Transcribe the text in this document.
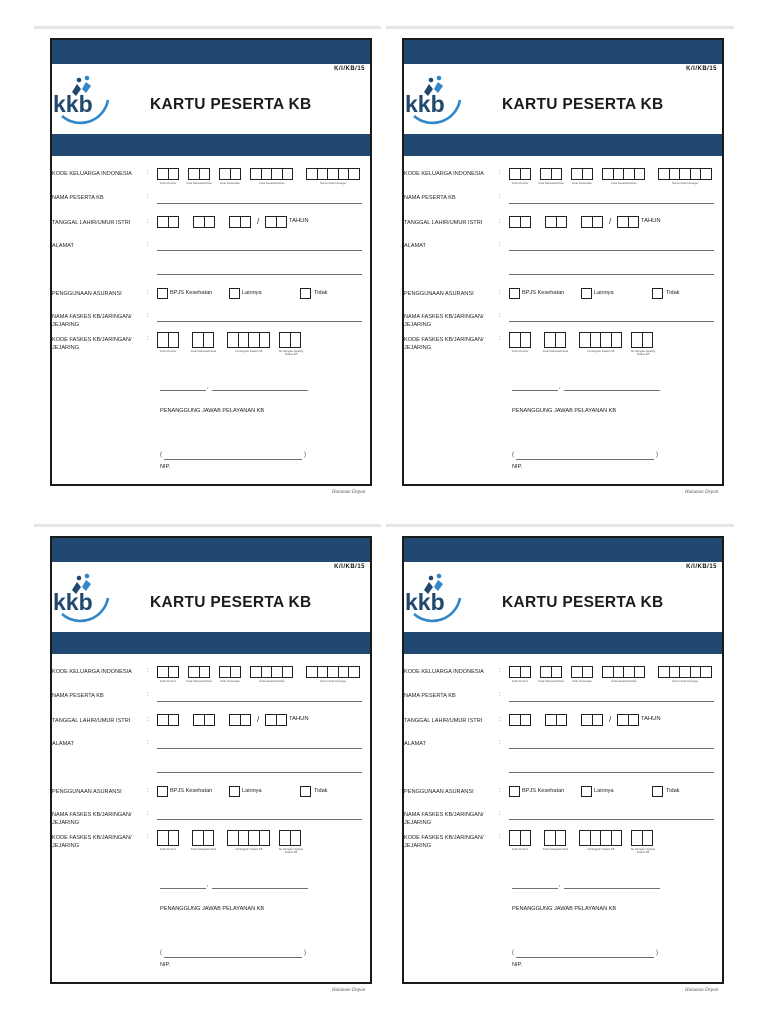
K/I/KB/15
kkb	KARTU PESERTA KB
KODE KELUARGA INDONESIA	:
Kode Provinsi	Kode Kabupaten/Kota	Kode Kecamatan	Kode Desa/Kelurahan	Nomor Kode Keluarga
NAMA PESERTA KB	:
TANGGAL LAHIR/UMUR ISTRI	:	/	TAHUN
ALAMAT	:
PENGGUNAAN ASURANSI	:	BPJS Kesehatan	Lainnya	Tidak
NAMA FASKES KB/JARINGAN/
JEJARING
:
KODE FASKES KB/JARINGAN/
JEJARING
:
Kode Provinsi	Kode Kabupaten/Kota	No Register Faskes KB	No Jaringan/ Jejaring Faskes KB
,
PENANGGUNG JAWAB PELAYANAN KB
(	)
NIP.
K/I/KB/15
kkb	KARTU PESERTA KB
KODE KELUARGA INDONESIA	:
Kode Provinsi	Kode Kabupaten/Kota	Kode Kecamatan	Kode Desa/Kelurahan	Nomor Kode Keluarga
NAMA PESERTA KB	:
TANGGAL LAHIR/UMUR ISTRI	:	/	TAHUN
ALAMAT	:
PENGGUNAAN ASURANSI	:	BPJS Kesehatan	Lainnya	Tidak
NAMA FASKES KB/JARINGAN/
JEJARING
:
KODE FASKES KB/JARINGAN/
JEJARING
:
Kode Provinsi	Kode Kabupaten/Kota	No Register Faskes KB	No Jaringan/ Jejaring Faskes KB
,
PENANGGUNG JAWAB PELAYANAN KB
(	)
NIP.
K/I/KB/15
kkb	KARTU PESERTA KB
KODE KELUARGA INDONESIA	:
Kode Provinsi	Kode Kabupaten/Kota	Kode Kecamatan	Kode Desa/Kelurahan	Nomor Kode Keluarga
NAMA PESERTA KB	:
TANGGAL LAHIR/UMUR ISTRI	:	/	TAHUN
ALAMAT	:
PENGGUNAAN ASURANSI	:	BPJS Kesehatan	Lainnya	Tidak
NAMA FASKES KB/JARINGAN/
JEJARING
:
KODE FASKES KB/JARINGAN/
JEJARING
:
Kode Provinsi	Kode Kabupaten/Kota	No Register Faskes KB	No Jaringan/ Jejaring Faskes KB
,
PENANGGUNG JAWAB PELAYANAN KB
(	)
NIP.
K/I/KB/15
kkb	KARTU PESERTA KB
KODE KELUARGA INDONESIA	:
Kode Provinsi	Kode Kabupaten/Kota	Kode Kecamatan	Kode Desa/Kelurahan	Nomor Kode Keluarga
NAMA PESERTA KB	:
TANGGAL LAHIR/UMUR ISTRI	:	/	TAHUN
ALAMAT	:
PENGGUNAAN ASURANSI	:	BPJS Kesehatan	Lainnya	Tidak
NAMA FASKES KB/JARINGAN/
JEJARING
:
KODE FASKES KB/JARINGAN/
JEJARING
:
Kode Provinsi	Kode Kabupaten/Kota	No Register Faskes KB	No Jaringan/ Jejaring Faskes KB
,
PENANGGUNG JAWAB PELAYANAN KB
(	)
NIP.
Halaman Depan	Halaman Depan
Halaman Depan	Halaman Depan
